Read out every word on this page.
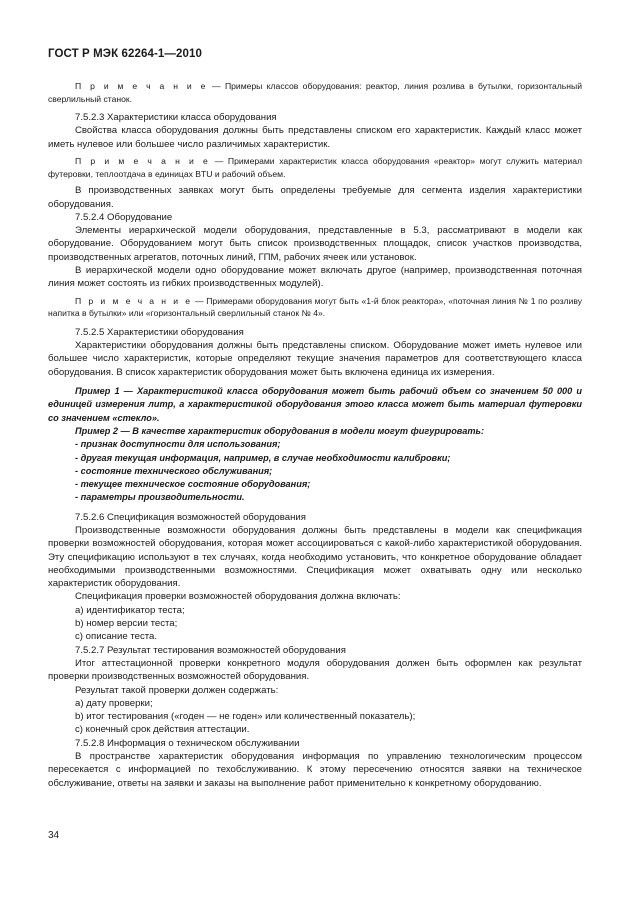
ГОСТ Р МЭК 62264-1—2010

П р и м е ч а н и е — Примеры классов оборудования: реактор, линия розлива в бутылки, горизонтальный сверлильный станок.

7.5.2.3 Характеристики класса оборудования

Свойства класса оборудования должны быть представлены списком его характеристик. Каждый класс может иметь нулевое или большее число различимых характеристик.

П р и м е ч а н и е — Примерами характеристик класса оборудования «реактор» могут служить материал футеровки, теплоотдача в единицах BTU и рабочий объем.

В производственных заявках могут быть определены требуемые для сегмента изделия характеристики оборудования.

7.5.2.4 Оборудование

Элементы иерархической модели оборудования, представленные в 5.3, рассматривают в модели как оборудование. Оборудованием могут быть список производственных площадок, список участков производства, производственных агрегатов, поточных линий, ГПМ, рабочих ячеек или установок.

В иерархической модели одно оборудование может включать другое (например, производственная поточная линия может состоять из гибких производственных модулей).

П р и м е ч а н и е — Примерами оборудования могут быть «1-й блок реактора», «поточная линия № 1 по розливу напитка в бутылки» или «горизонтальный сверлильный станок № 4».

7.5.2.5 Характеристики оборудования

Характеристики оборудования должны быть представлены списком. Оборудование может иметь нулевое или большее число характеристик, которые определяют текущие значения параметров для соответствующего класса оборудования. В список характеристик оборудования может быть включена единица их измерения.

Пример 1 — Характеристикой класса оборудования может быть рабочий объем со значением 50 000 и единицей измерения литр, а характеристикой оборудования этого класса может быть материал футеровки со значением «стекло».

Пример 2 — В качестве характеристик оборудования в модели могут фигурировать:

- признак доступности для использования;

- другая текущая информация, например, в случае необходимости калибровки;

- состояние технического обслуживания;

- текущее техническое состояние оборудования;

- параметры производительности.

7.5.2.6 Спецификация возможностей оборудования

Производственные возможности оборудования должны быть представлены в модели как спецификация проверки возможностей оборудования, которая может ассоциироваться с какой-либо характеристикой оборудования. Эту спецификацию используют в тех случаях, когда необходимо установить, что конкретное оборудование обладает необходимыми производственными возможностями. Спецификация может охватывать одну или несколько характеристик оборудования.

Спецификация проверки возможностей оборудования должна включать:

а) идентификатор теста;

b) номер версии теста;

с) описание теста.

7.5.2.7 Результат тестирования возможностей оборудования

Итог аттестационной проверки конкретного модуля оборудования должен быть оформлен как результат проверки производственных возможностей оборудования.

Результат такой проверки должен содержать:

а) дату проверки;

b) итог тестирования («годен — не годен» или количественный показатель);

с) конечный срок действия аттестации.

7.5.2.8 Информация о техническом обслуживании

В пространстве характеристик оборудования информация по управлению технологическим процессом пересекается с информацией по техобслуживанию. К этому пересечению относятся заявки на техническое обслуживание, ответы на заявки и заказы на выполнение работ применительно к конкретному оборудованию.

34
